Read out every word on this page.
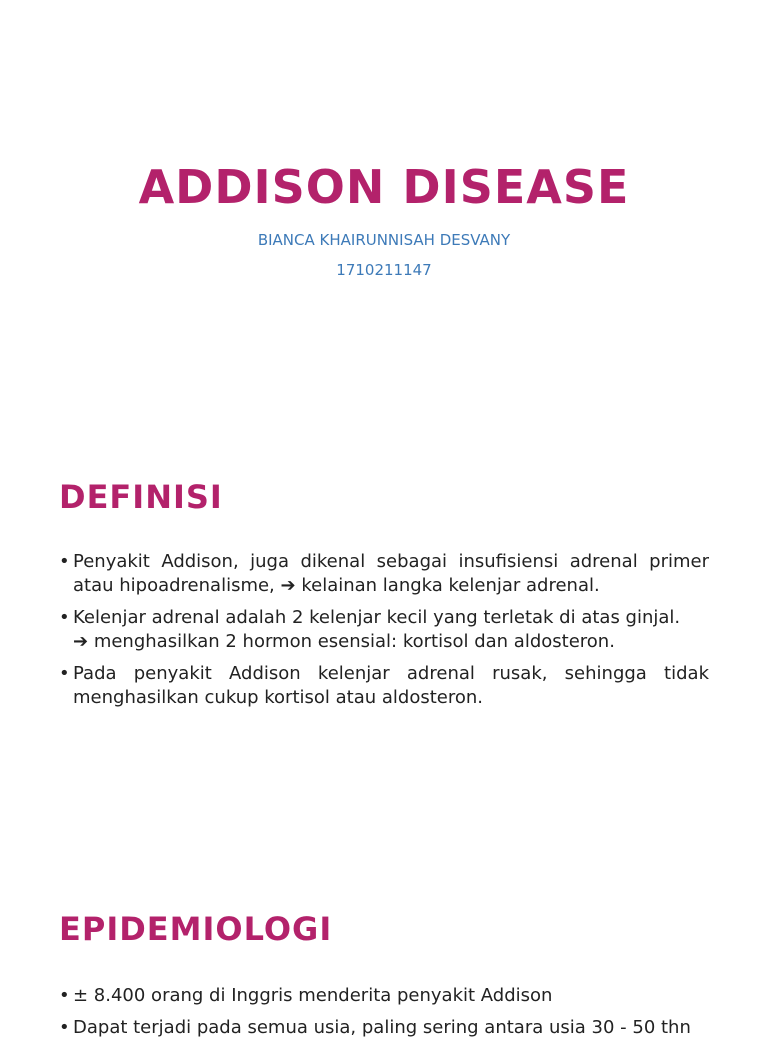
ADDISON DISEASE
BIANCA KHAIRUNNISAH DESVANY
1710211147
DEFINISI
• Penyakit Addison, juga dikenal sebagai insufisiensi adrenal primer atau hipoadrenalisme, ➔ kelainan langka kelenjar adrenal.
• Kelenjar adrenal adalah 2 kelenjar kecil yang terletak di atas ginjal.
➔ menghasilkan 2 hormon esensial: kortisol dan aldosteron.
• Pada penyakit Addison kelenjar adrenal rusak, sehingga tidak menghasilkan cukup kortisol atau aldosteron.
EPIDEMIOLOGI
• ± 8.400 orang di Inggris menderita penyakit Addison
• Dapat terjadi pada semua usia, paling sering antara usia 30 - 50 thn
